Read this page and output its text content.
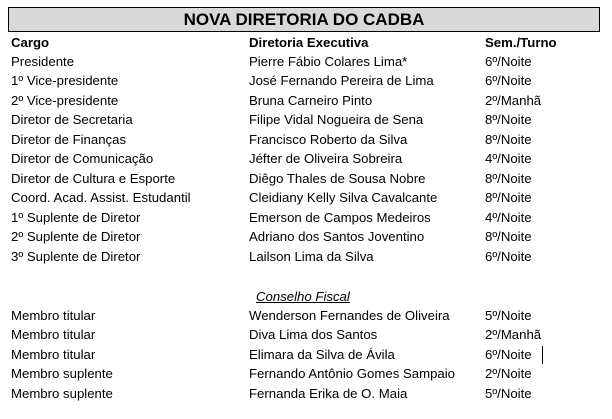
NOVA DIRETORIA DO CADBA
Cargo	Diretoria Executiva	Sem./Turno
Presidente	Pierre Fábio Colares Lima*	6º/Noite
1º Vice-presidente	José Fernando Pereira de Lima	6º/Noite
2º Vice-presidente	Bruna Carneiro Pinto	2º/Manhã
Diretor de Secretaria	Filipe Vidal Nogueira de Sena	8º/Noite
Diretor de Finanças	Francisco Roberto da Silva	8º/Noite
Diretor de Comunicação	Jéfter de Oliveira Sobreira	4º/Noite
Diretor de Cultura e Esporte	Diêgo Thales de Sousa Nobre	8º/Noite
Coord. Acad. Assist. Estudantil	Cleidiany Kelly Silva Cavalcante	8º/Noite
1º Suplente de Diretor	Emerson de Campos Medeiros	4º/Noite
2º Suplente de Diretor	Adriano dos Santos Joventino	8º/Noite
3º Suplente de Diretor	Lailson Lima da Silva	6º/Noite
Conselho Fiscal
Membro titular	Wenderson Fernandes de Oliveira	5º/Noite
Membro titular	Diva Lima dos Santos	2º/Manhã
Membro titular	Elimara da Silva de Ávila	6º/Noite
Membro suplente	Fernando Antônio Gomes Sampaio 2º/Noite
Membro suplente	Fernanda Erika de O. Maia	5º/Noite
